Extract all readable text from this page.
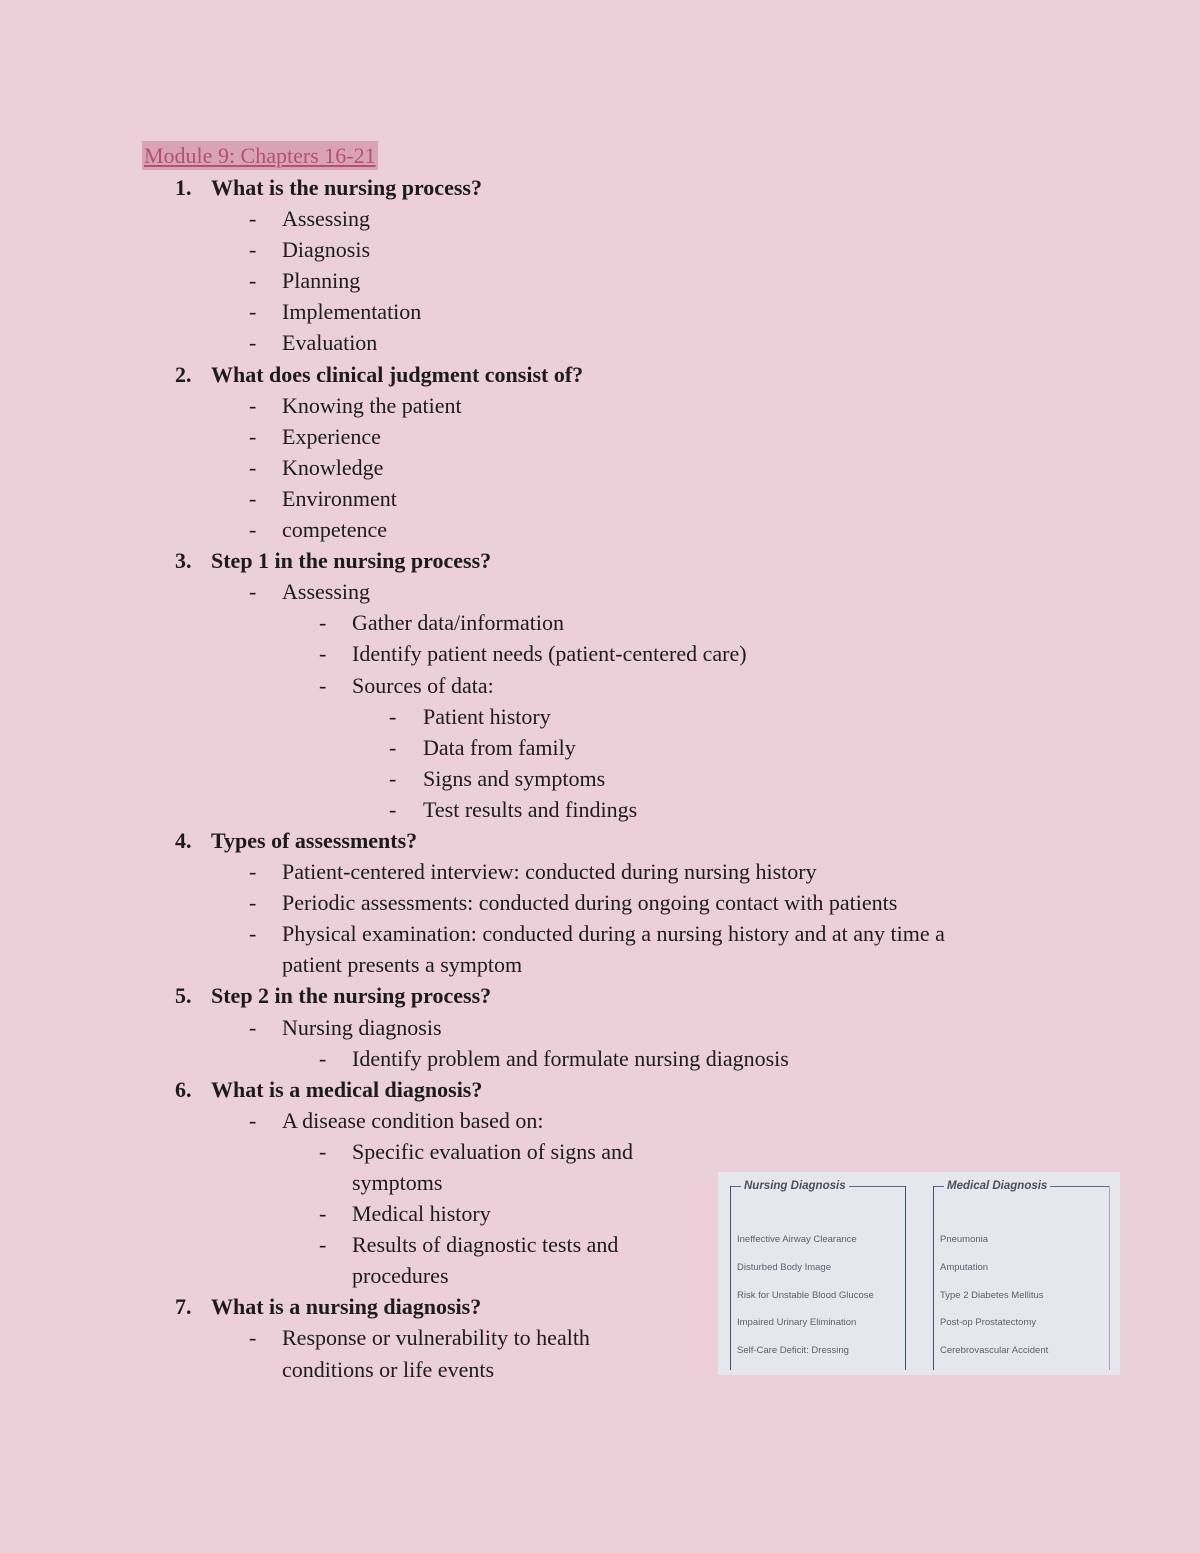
Module 9: Chapters 16-21
1. What is the nursing process?
- Assessing
- Diagnosis
- Planning
- Implementation
- Evaluation
2. What does clinical judgment consist of?
- Knowing the patient
- Experience
- Knowledge
- Environment
- competence
3. Step 1 in the nursing process?
- Assessing
- Gather data/information
- Identify patient needs (patient-centered care)
- Sources of data:
- Patient history
- Data from family
- Signs and symptoms
- Test results and findings
4. Types of assessments?
- Patient-centered interview: conducted during nursing history
- Periodic assessments: conducted during ongoing contact with patients
- Physical examination: conducted during a nursing history and at any time a
patient presents a symptom
5. Step 2 in the nursing process?
- Nursing diagnosis
- Identify problem and formulate nursing diagnosis
6. What is a medical diagnosis?
- A disease condition based on:
- Specific evaluation of signs and
symptoms
- Medical history
- Results of diagnostic tests and
procedures
7. What is a nursing diagnosis?
- Response or vulnerability to health
conditions or life events
Nursing Diagnosis
Ineffective Airway Clearance
Disturbed Body Image
Risk for Unstable Blood Glucose
Impaired Urinary Elimination
Self-Care Deficit: Dressing
Medical Diagnosis
Pneumonia
Amputation
Type 2 Diabetes Mellitus
Post-op Prostatectomy
Cerebrovascular Accident
